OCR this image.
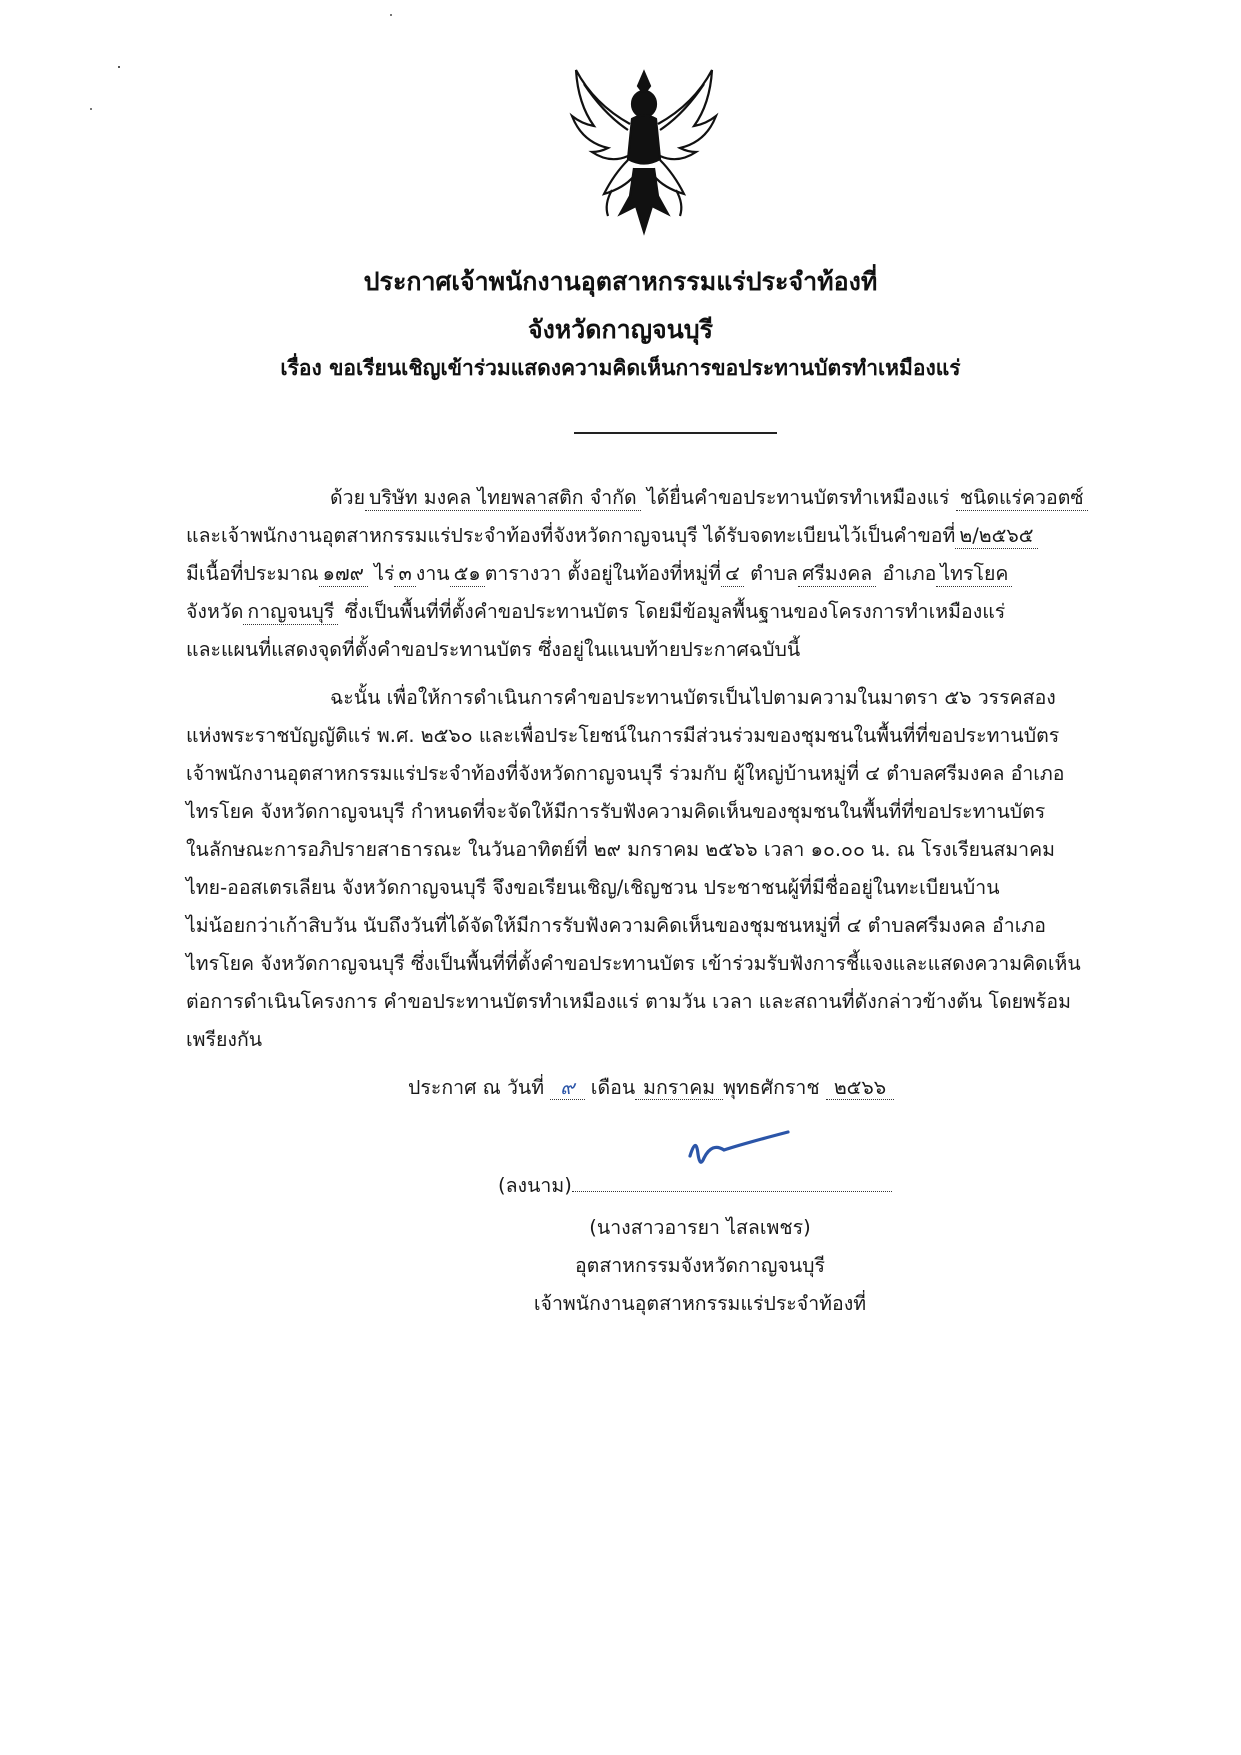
ประกาศเจ้าพนักงานอุตสาหกรรมแร่ประจำท้องที่
จังหวัดกาญจนบุรี
เรื่อง ขอเรียนเชิญเข้าร่วมแสดงความคิดเห็นการขอประทานบัตรทำเหมืองแร่
ด้วย บริษัท มงคล ไทยพลาสติก จำกัด ได้ยื่นคำขอประทานบัตรทำเหมืองแร่ ชนิดแร่ควอตซ์
และเจ้าพนักงานอุตสาหกรรมแร่ประจำท้องที่จังหวัดกาญจนบุรี ได้รับจดทะเบียนไว้เป็นคำขอที่ ๒/๒๕๖๕
มีเนื้อที่ประมาณ ๑๗๙ ไร่ ๓ งาน ๕๑ ตารางวา ตั้งอยู่ในท้องที่หมู่ที่ ๔ ตำบล ศรีมงคล อำเภอ ไทรโยค
จังหวัด กาญจนบุรี ซึ่งเป็นพื้นที่ที่ตั้งคำขอประทานบัตร โดยมีข้อมูลพื้นฐานของโครงการทำเหมืองแร่
และแผนที่แสดงจุดที่ตั้งคำขอประทานบัตร ซึ่งอยู่ในแนบท้ายประกาศฉบับนี้
ฉะนั้น เพื่อให้การดำเนินการคำขอประทานบัตรเป็นไปตามความในมาตรา ๕๖ วรรคสอง
แห่งพระราชบัญญัติแร่ พ.ศ. ๒๕๖๐ และเพื่อประโยชน์ในการมีส่วนร่วมของชุมชนในพื้นที่ที่ขอประทานบัตร
เจ้าพนักงานอุตสาหกรรมแร่ประจำท้องที่จังหวัดกาญจนบุรี ร่วมกับ ผู้ใหญ่บ้านหมู่ที่ ๔ ตำบลศรีมงคล อำเภอ
ไทรโยค จังหวัดกาญจนบุรี กำหนดที่จะจัดให้มีการรับฟังความคิดเห็นของชุมชนในพื้นที่ที่ขอประทานบัตร
ในลักษณะการอภิปรายสาธารณะ ในวันอาทิตย์ที่ ๒๙ มกราคม ๒๕๖๖ เวลา ๑๐.๐๐ น. ณ โรงเรียนสมาคม
ไทย-ออสเตรเลียน จังหวัดกาญจนบุรี จึงขอเรียนเชิญ/เชิญชวน ประชาชนผู้ที่มีชื่ออยู่ในทะเบียนบ้าน
ไม่น้อยกว่าเก้าสิบวัน นับถึงวันที่ได้จัดให้มีการรับฟังความคิดเห็นของชุมชนหมู่ที่ ๔ ตำบลศรีมงคล อำเภอ
ไทรโยค จังหวัดกาญจนบุรี ซึ่งเป็นพื้นที่ที่ตั้งคำขอประทานบัตร เข้าร่วมรับฟังการชี้แจงและแสดงความคิดเห็น
ต่อการดำเนินโครงการ คำขอประทานบัตรทำเหมืองแร่ ตามวัน เวลา และสถานที่ดังกล่าวข้างต้น โดยพร้อม
เพรียงกัน
ประกาศ ณ วันที่ ๙ เดือน มกราคม พุทธศักราช ๒๕๖๖
(ลงนาม)
(นางสาวอารยา ไสลเพชร)
อุตสาหกรรมจังหวัดกาญจนบุรี
เจ้าพนักงานอุตสาหกรรมแร่ประจำท้องที่
